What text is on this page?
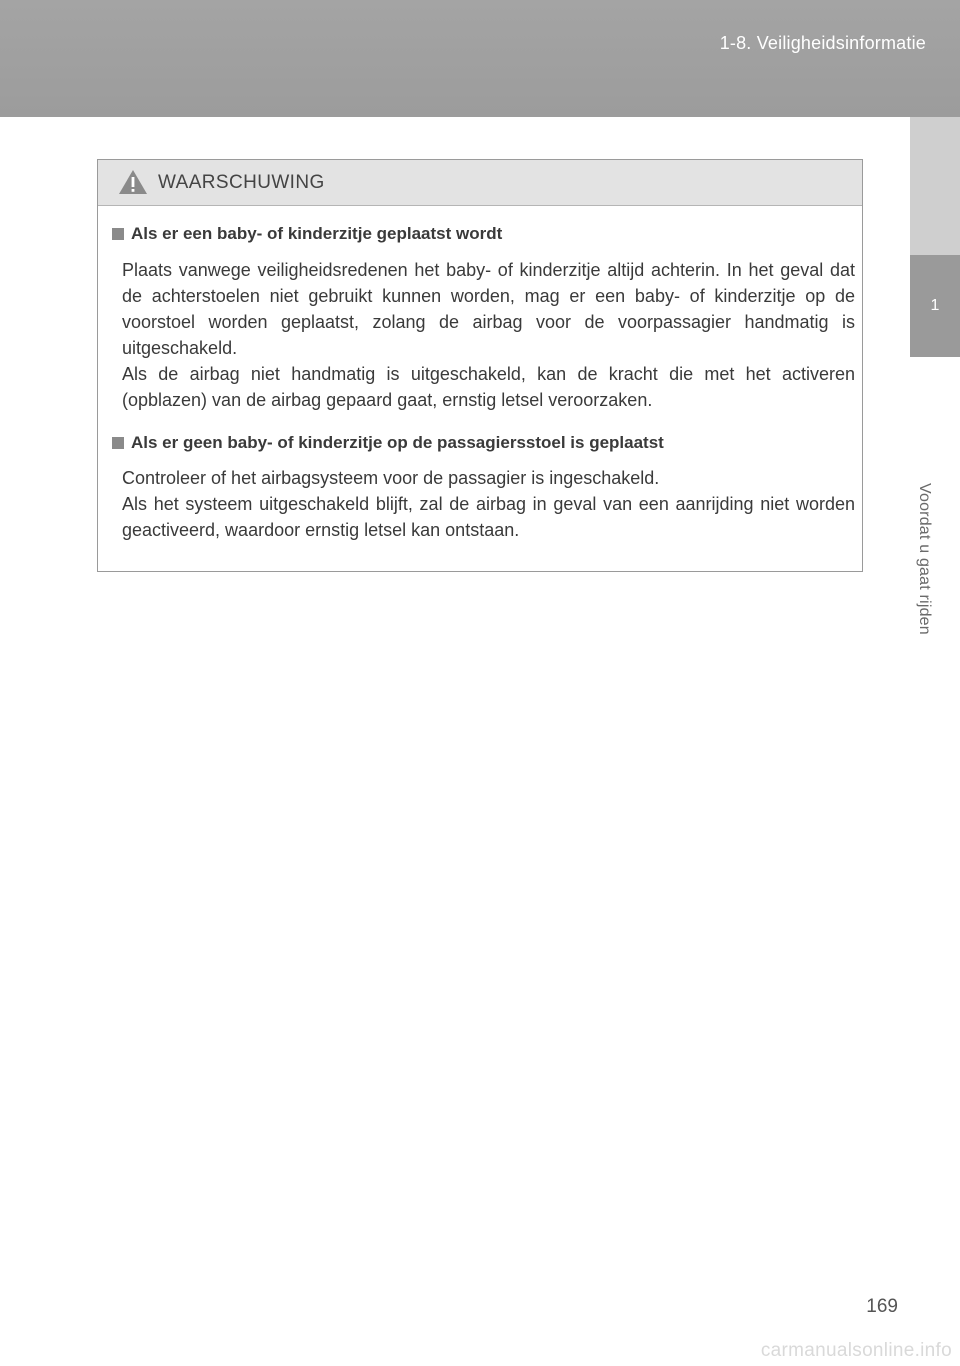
1-8. Veiligheidsinformatie
1
Voordat u gaat rijden
WAARSCHUWING
Als er een baby- of kinderzitje geplaatst wordt

Plaats vanwege veiligheidsredenen het baby- of kinderzitje altijd achterin. In het geval dat de achterstoelen niet gebruikt kunnen worden, mag er een baby- of kinderzitje op de voorstoel worden geplaatst, zolang de airbag voor de voorpassagier handmatig is uitgeschakeld.

Als de airbag niet handmatig is uitgeschakeld, kan de kracht die met het activeren (opblazen) van de airbag gepaard gaat, ernstig letsel veroorzaken.

Als er geen baby- of kinderzitje op de passagiersstoel is geplaatst

Controleer of het airbagsysteem voor de passagier is ingeschakeld.

Als het systeem uitgeschakeld blijft, zal de airbag in geval van een aanrijding niet worden geactiveerd, waardoor ernstig letsel kan ontstaan.

169
carmanualsonline.info
